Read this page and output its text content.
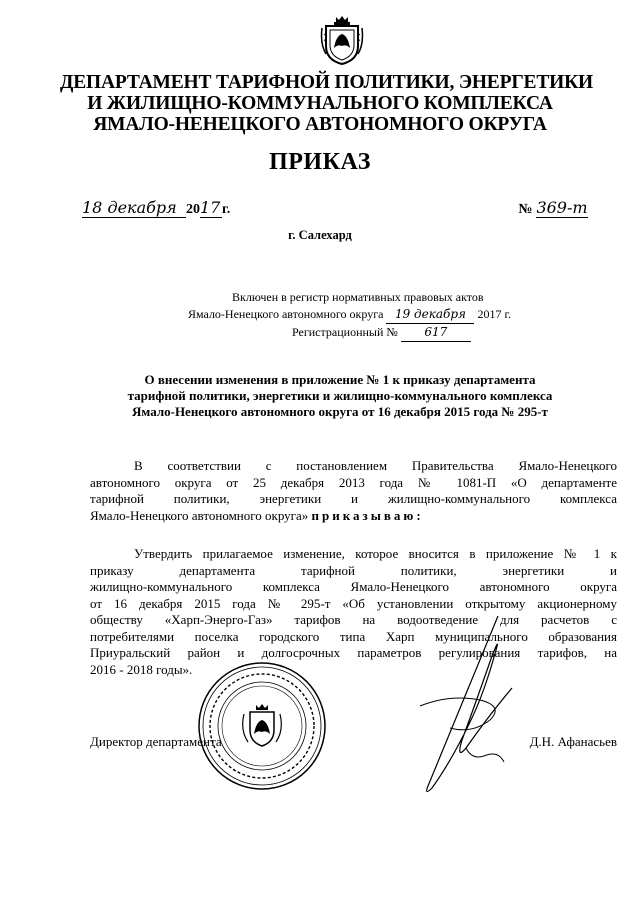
ДЕПАРТАМЕНТ ТАРИФНОЙ ПОЛИТИКИ, ЭНЕРГЕТИКИ
И ЖИЛИЩНО-КОММУНАЛЬНОГО КОМПЛЕКСА
ЯМАЛО-НЕНЕЦКОГО АВТОНОМНОГО ОКРУГА
ПРИКАЗ
18 декабря 2017 г.	№ 369-т
г. Салехард
Включен в регистр нормативных правовых актов
Ямало-Ненецкого автономного округа 19 декабря 2017 г.
Регистрационный № 617
О внесении изменения в приложение № 1 к приказу департамента
тарифной политики, энергетики и жилищно-коммунального комплекса
Ямало-Ненецкого автономного округа от 16 декабря 2015 года № 295-т
В соответствии с постановлением Правительства Ямало-Ненецкого
автономного округа от 25 декабря 2013 года № 1081-П «О департаменте
тарифной политики, энергетики и жилищно-коммунального комплекса
Ямало-Ненецкого автономного округа» приказываю:
Утвердить прилагаемое изменение, которое вносится в приложение № 1 к
приказу департамента тарифной политики, энергетики и
жилищно-коммунального комплекса Ямало-Ненецкого автономного округа
от 16 декабря 2015 года № 295-т «Об установлении открытому акционерному
обществу «Харп-Энерго-Газ» тарифов на водоотведение для расчетов с
потребителями поселка городского типа Харп муниципального образования
Приуральский район и долгосрочных параметров регулирования тарифов, на
2016 - 2018 годы».
Директор департамента	Д.Н. Афанасьев
